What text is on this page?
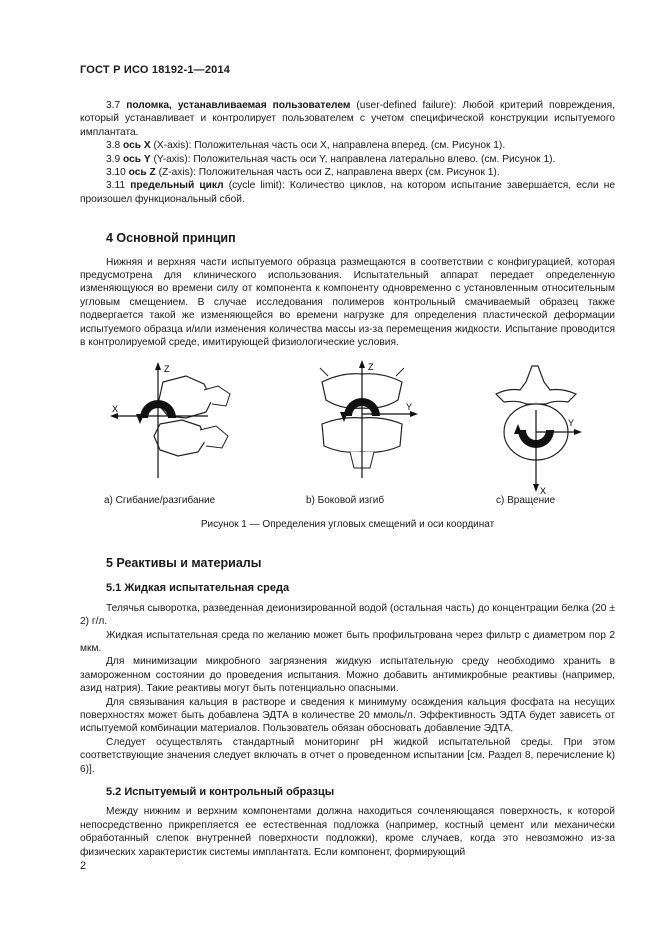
ГОСТ Р ИСО 18192-1—2014

3.7 поломка, устанавливаемая пользователем (user-defined failure): Любой критерий повреждения, который устанавливает и контролирует пользователем с учетом специфической конструкции испытуемого имплантата.

3.8 ось X (X-axis): Положительная часть оси X, направлена вперед. (см. Рисунок 1).

3.9 ось Y (Y-axis): Положительная часть оси Y, направлена латерально влево. (см. Рисунок 1).

3.10 ось Z (Z-axis): Положительная часть оси Z, направлена вверх (см. Рисунок 1).

3.11 предельный цикл (cycle limit): Количество циклов, на котором испытание завершается, если не произошел функциональный сбой.

4 Основной принцип

Нижняя и верхняя части испытуемого образца размещаются в соответствии с конфигурацией, которая предусмотрена для клинического использования. Испытательный аппарат передает определенную изменяющуюся во времени силу от компонента к компоненту одновременно с установленным относительным угловым смещением. В случае исследования полимеров контрольный смачиваемый образец также подвергается такой же изменяющейся во времени нагрузке для определения пластической деформации испытуемого образца и/или изменения количества массы из-за перемещения жидкости. Испытание проводится в контролируемой среде, имитирующей физиологические условия.

Z
X
Z
Y
Y
X
a) Сгибание/разгибание	b) Боковой изгиб	c) Вращение
Рисунок 1 — Определения угловых смещений и оси координат
5 Реактивы и материалы
5.1 Жидкая испытательная среда

Телячья сыворотка, разведенная деионизированной водой (остальная часть) до концентрации белка (20 ± 2) г/л.

Жидкая испытательная среда по желанию может быть профильтрована через фильтр с диаметром пор 2 мкм.

Для минимизации микробного загрязнения жидкую испытательную среду необходимо хранить в замороженном состоянии до проведения испытания. Можно добавить антимикробные реактивы (например, азид натрия). Такие реактивы могут быть потенциально опасными.

Для связывания кальция в растворе и сведения к минимуму осаждения кальция фосфата на несущих поверхностях может быть добавлена ЭДТА в количестве 20 ммоль/л. Эффективность ЭДТА будет зависеть от испытуемой комбинации материалов. Пользователь обязан обосновать добавление ЭДТА.

Следует осуществлять стандартный мониторинг pH жидкой испытательной среды. При этом соответствующие значения следует включать в отчет о проведенном испытании [см. Раздел 8, перечисление k) 6)].

5.2 Испытуемый и контрольный образцы

Между нижним и верхним компонентами должна находиться сочленяющаяся поверхность, к которой непосредственно прикрепляется ее естественная подложка (например, костный цемент или механически обработанный слепок внутренней поверхности подложки), кроме случаев, когда это невозможно из-за физических характеристик системы имплантата. Если компонент, формирующий

2
